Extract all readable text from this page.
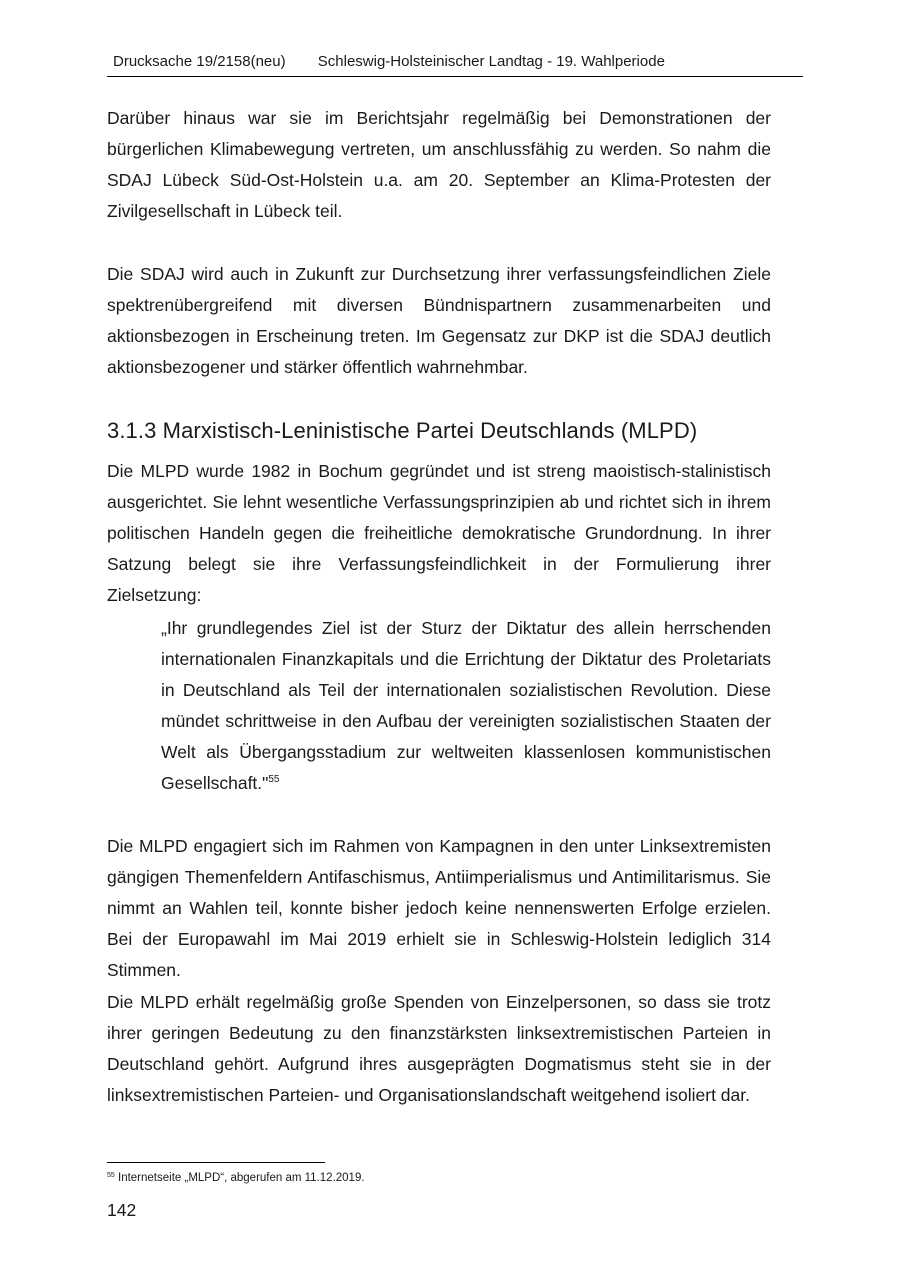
Drucksache 19/2158(neu) Schleswig-Holsteinischer Landtag - 19. Wahlperiode

Darüber hinaus war sie im Berichtsjahr regelmäßig bei Demonstrationen der bürgerlichen Klimabewegung vertreten, um anschlussfähig zu werden. So nahm die SDAJ Lübeck Süd-Ost-Holstein u.a. am 20. September an Klima-Protesten der Zivilgesellschaft in Lübeck teil.

Die SDAJ wird auch in Zukunft zur Durchsetzung ihrer verfassungsfeindlichen Ziele spektrenübergreifend mit diversen Bündnispartnern zusammenarbeiten und aktionsbezogen in Erscheinung treten. Im Gegensatz zur DKP ist die SDAJ deutlich aktionsbezogener und stärker öffentlich wahrnehmbar.

3.1.3 Marxistisch-Leninistische Partei Deutschlands (MLPD)

Die MLPD wurde 1982 in Bochum gegründet und ist streng maoistisch-stalinistisch ausgerichtet. Sie lehnt wesentliche Verfassungsprinzipien ab und richtet sich in ihrem politischen Handeln gegen die freiheitliche demokratische Grundordnung. In ihrer Satzung belegt sie ihre Verfassungsfeindlichkeit in der Formulierung ihrer Zielsetzung:

„Ihr grundlegendes Ziel ist der Sturz der Diktatur des allein herrschenden internationalen Finanzkapitals und die Errichtung der Diktatur des Proletariats in Deutschland als Teil der internationalen sozialistischen Revolution. Diese mündet schrittweise in den Aufbau der vereinigten sozialistischen Staaten der Welt als Übergangsstadium zur weltweiten klassenlosen kommunistischen Gesellschaft."$^{55}$

Die MLPD engagiert sich im Rahmen von Kampagnen in den unter Linksextremisten gängigen Themenfeldern Antifaschismus, Antiimperialismus und Antimilitarismus. Sie nimmt an Wahlen teil, konnte bisher jedoch keine nennenswerten Erfolge erzielen. Bei der Europawahl im Mai 2019 erhielt sie in Schleswig-Holstein lediglich 314 Stimmen.

Die MLPD erhält regelmäßig große Spenden von Einzelpersonen, so dass sie trotz ihrer geringen Bedeutung zu den finanzstärksten linksextremistischen Parteien in Deutschland gehört. Aufgrund ihres ausgeprägten Dogmatismus steht sie in der linksextremistischen Parteien- und Organisationslandschaft weitgehend isoliert dar.

$^{55}$ Internetseite „MLPD“, abgerufen am 11.12.2019.
142
